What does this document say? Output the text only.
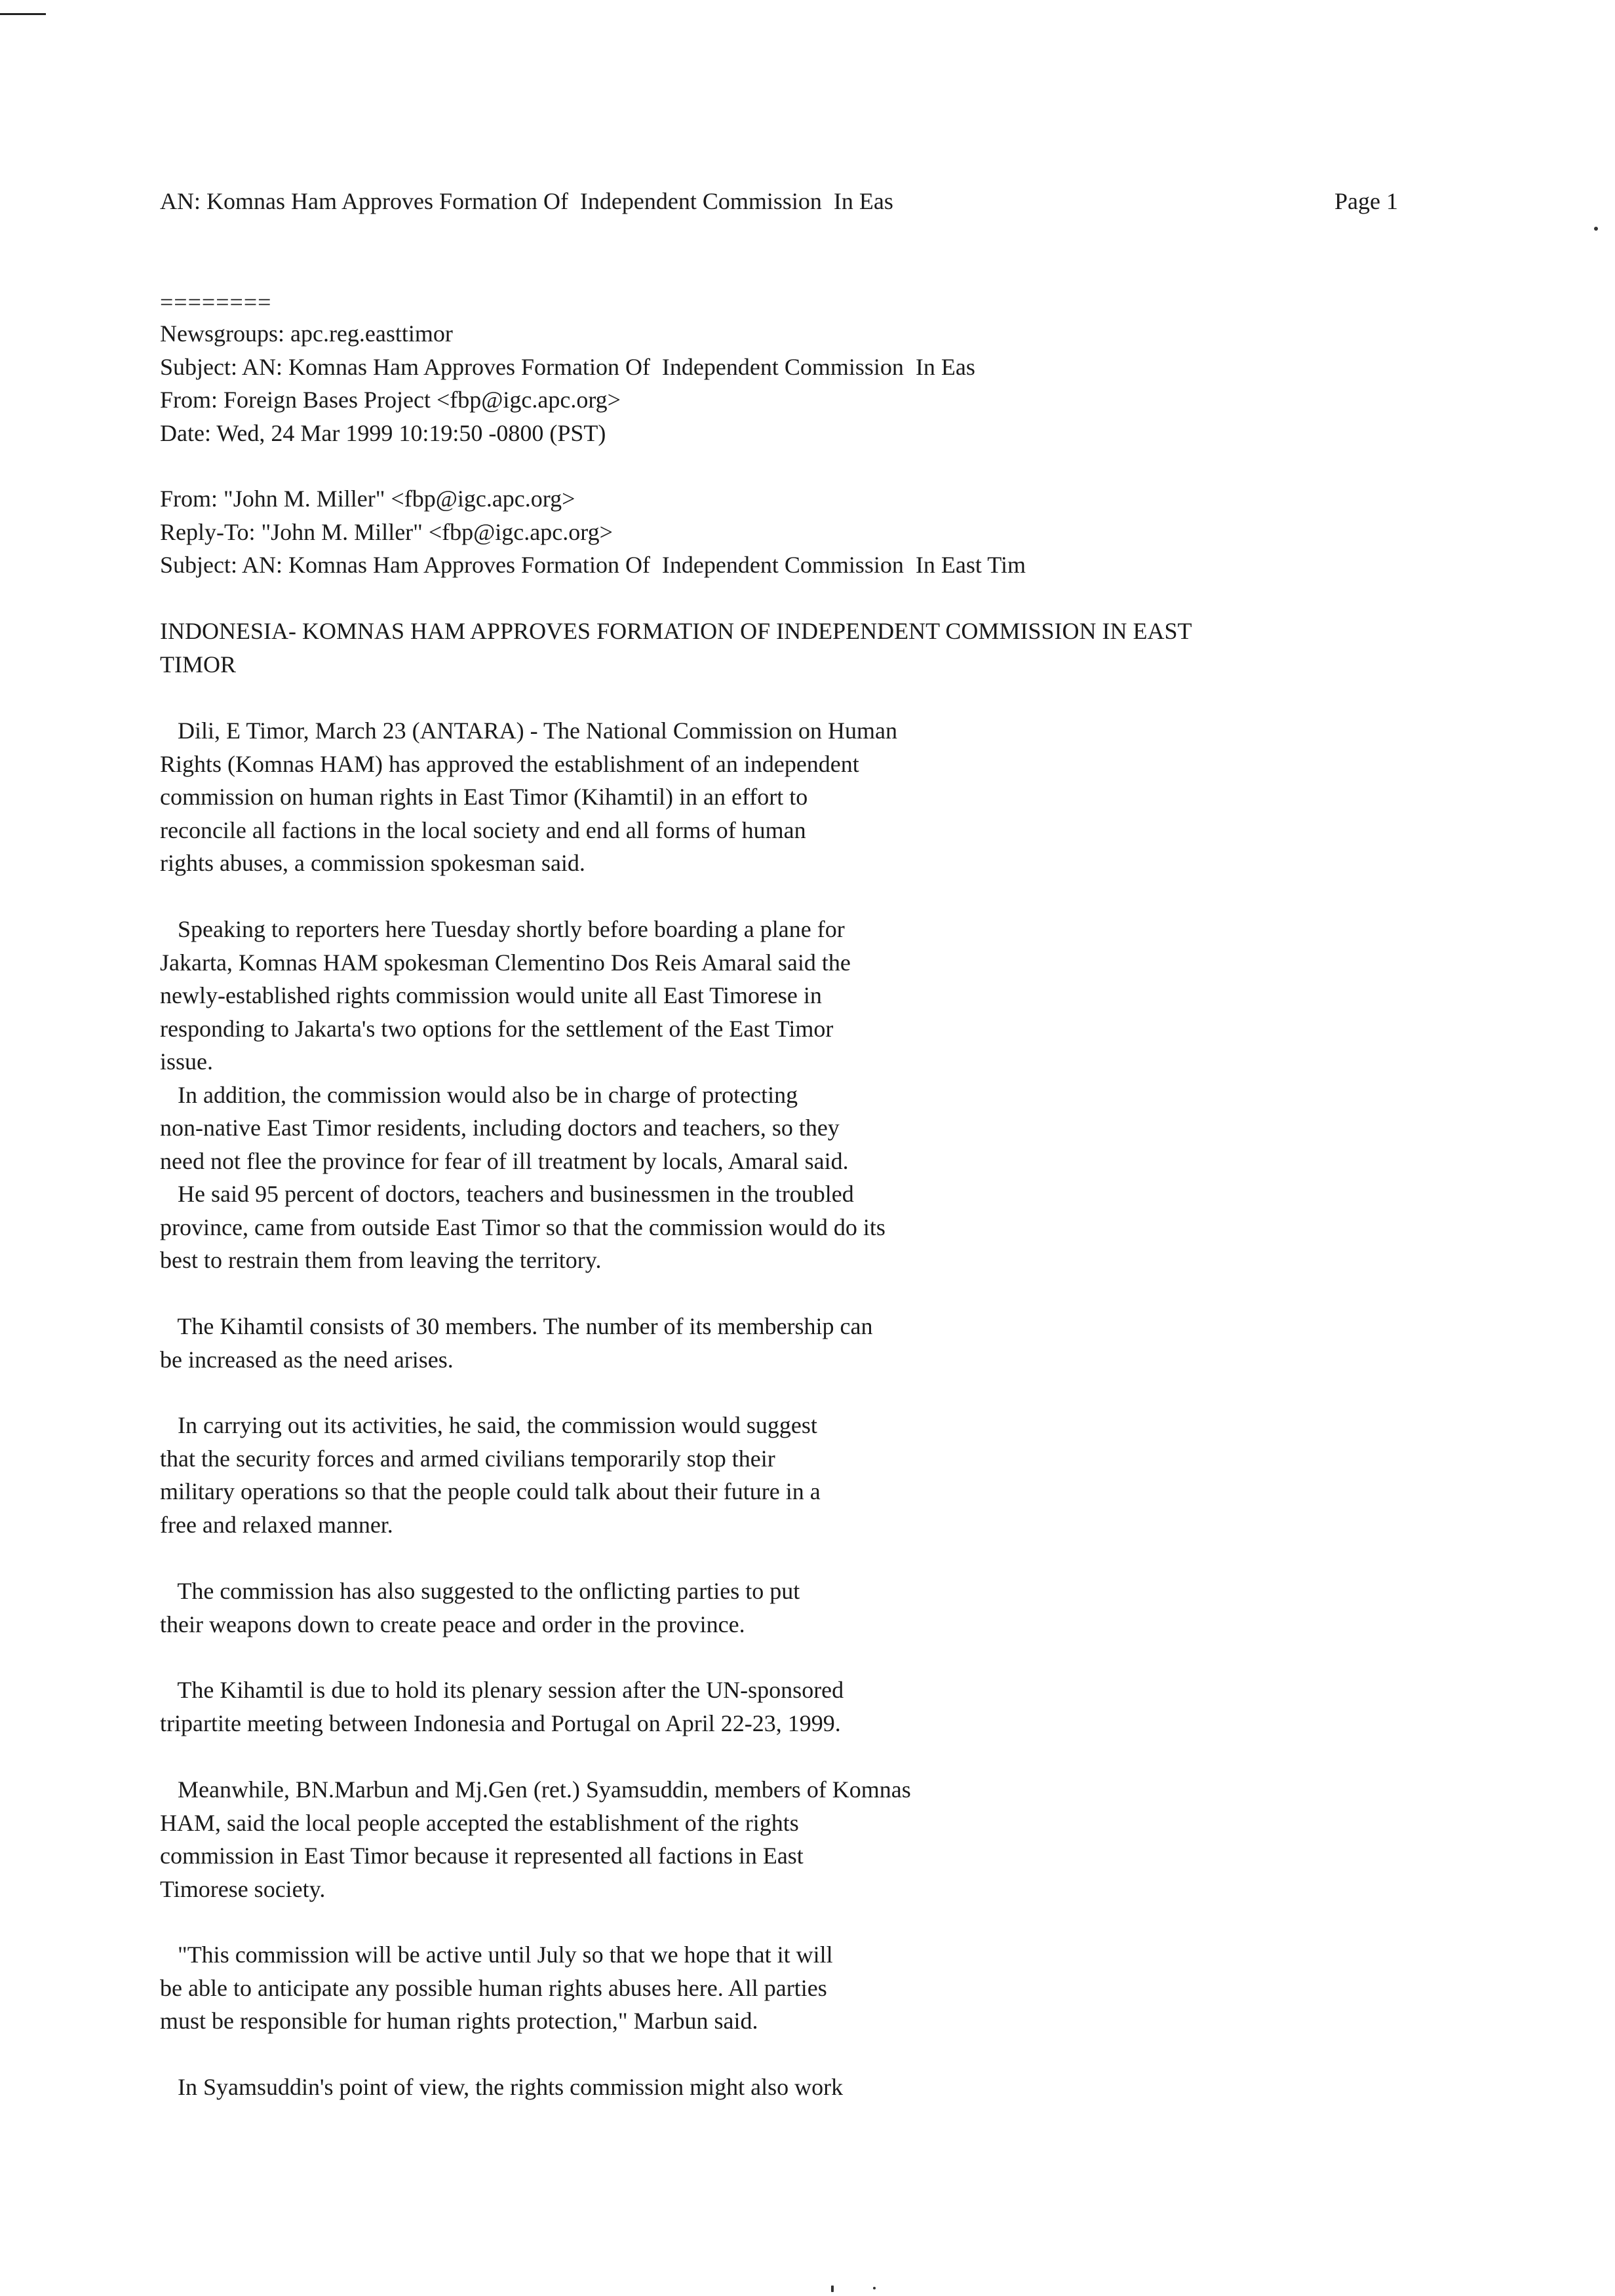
AN: Komnas Ham Approves Formation Of  Independent Commission  In Eas	Page 1
========
Newsgroups: apc.reg.easttimor
Subject: AN: Komnas Ham Approves Formation Of  Independent Commission  In Eas
From: Foreign Bases Project <fbp@igc.apc.org>
Date: Wed, 24 Mar 1999 10:19:50 -0800 (PST)
From: "John M. Miller" <fbp@igc.apc.org>
Reply-To: "John M. Miller" <fbp@igc.apc.org>
Subject: AN: Komnas Ham Approves Formation Of  Independent Commission  In East Tim
INDONESIA- KOMNAS HAM APPROVES FORMATION OF INDEPENDENT COMMISSION IN EAST
TIMOR
Dili, E Timor, March 23 (ANTARA) - The National Commission on Human
Rights (Komnas HAM) has approved the establishment of an independent
commission on human rights in East Timor (Kihamtil) in an effort to
reconcile all factions in the local society and end all forms of human
rights abuses, a commission spokesman said.
Speaking to reporters here Tuesday shortly before boarding a plane for
Jakarta, Komnas HAM spokesman Clementino Dos Reis Amaral said the
newly-established rights commission would unite all East Timorese in
responding to Jakarta's two options for the settlement of the East Timor
issue.
In addition, the commission would also be in charge of protecting
non-native East Timor residents, including doctors and teachers, so they
need not flee the province for fear of ill treatment by locals, Amaral said.
He said 95 percent of doctors, teachers and businessmen in the troubled
province, came from outside East Timor so that the commission would do its
best to restrain them from leaving the territory.
The Kihamtil consists of 30 members. The number of its membership can
be increased as the need arises.
In carrying out its activities, he said, the commission would suggest
that the security forces and armed civilians temporarily stop their
military operations so that the people could talk about their future in a
free and relaxed manner.
The commission has also suggested to the onflicting parties to put
their weapons down to create peace and order in the province.
The Kihamtil is due to hold its plenary session after the UN-sponsored
tripartite meeting between Indonesia and Portugal on April 22-23, 1999.
Meanwhile, BN.Marbun and Mj.Gen (ret.) Syamsuddin, members of Komnas
HAM, said the local people accepted the establishment of the rights
commission in East Timor because it represented all factions in East
Timorese society.
"This commission will be active until July so that we hope that it will
be able to anticipate any possible human rights abuses here. All parties
must be responsible for human rights protection," Marbun said.
In Syamsuddin's point of view, the rights commission might also work
